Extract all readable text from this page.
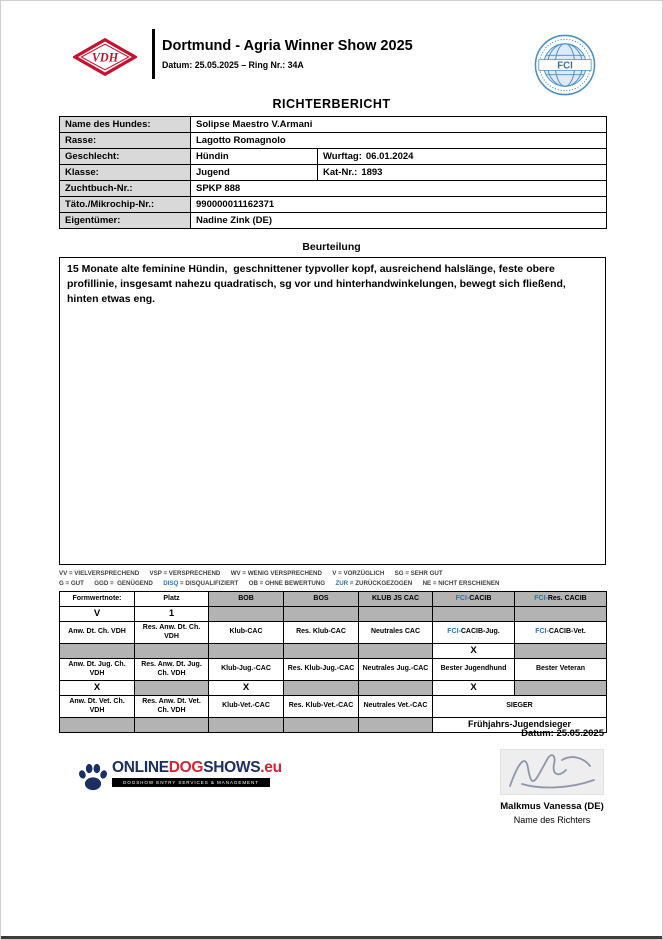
VDH
Dortmund - Agria Winner Show 2025
Datum: 25.05.2025 – Ring Nr.: 34A	FCI
RICHTERBERICHT
Name des Hundes:	Solipse Maestro V.Armani	
Rasse:	Lagotto Romagnolo	
Geschlecht:	Hündin	Wurftag: 06.01.2024
Klasse:	Jugend	Kat-Nr.: 1893
Zuchtbuch-Nr.:	SPKP 888	
Täto./Mikrochip-Nr.:	990000011162371	
Eigentümer:	Nadine Zink (DE)	
Beurteilung
15 Monate alte feminine Hündin,  geschnittener typvoller kopf, ausreichend halslänge, feste obere profillinie, insgesamt nahezu quadratisch, sg vor und hinterhandwinkelungen, bewegt sich fließend, hinten etwas eng.
VV = VIELVERSPRECHEND      VSP = VERSPRECHEND      WV = WENIG VERSPRECHEND      V = VORZÜGLICH      SG = SEHR GUT
G = GUT      GGD =  GENÜGEND      DISQ = DISQUALIFIZIERT      OB = OHNE BEWERTUNG      ZUR = ZURÜCKGEZOGEN      NE = NICHT ERSCHIENEN
Formwertnote:	Platz	BOB	BOS	KLUB JS CAC	FCI-CACIB	FCI-Res. CACIB
V	1					
Anw. Dt. Ch. VDH	Res. Anw. Dt. Ch. VDH	Klub-CAC	Res. Klub-CAC	Neutrales CAC	FCI-CACIB-Jug.	FCI-CACIB-Vet.
					X	
Anw. Dt. Jug. Ch. VDH	Res. Anw. Dt. Jug. Ch. VDH	Klub-Jug.-CAC	Res. Klub-Jug.-CAC	Neutrales Jug.-CAC	Bester Jugendhund	Bester Veteran
X		X			X	
Anw. Dt. Vet. Ch. VDH	Res. Anw. Dt. Vet. Ch. VDH	Klub-Vet.-CAC	Res. Klub-Vet.-CAC	Neutrales Vet.-CAC	SIEGER	
					Frühjahrs-Jugendsieger	
Datum: 25.05.2025
ONLINEDOGSHOWS.eu
DOGSHOW ENTRY SERVICES & MANAGEMENT
Malkmus Vanessa (DE)
Name des Richters
